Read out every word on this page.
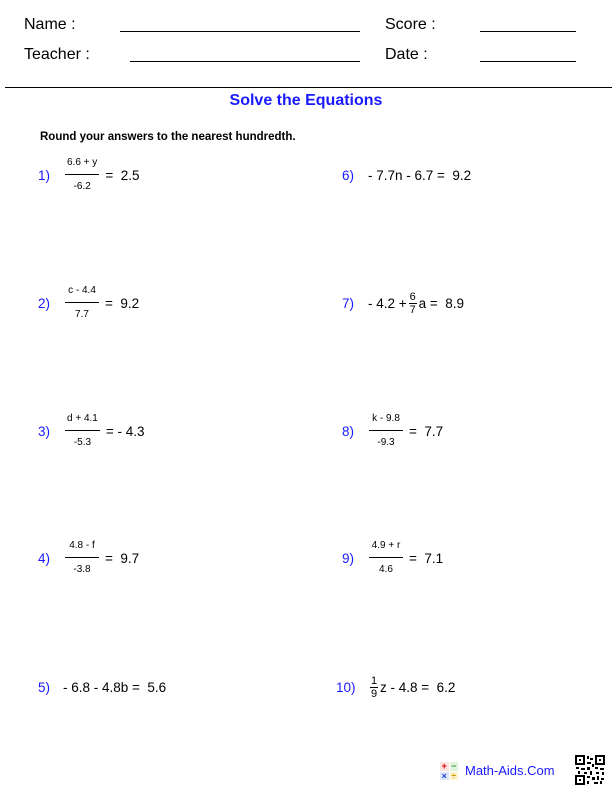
Name :
Teacher :
Score :
Date :
Solve the Equations
Round your answers to the nearest hundredth.
1)	$\frac{6.6 + y}{-6.2} = 2.5$
2)	$\frac{c - 4.4}{7.7} = 9.2$
3)	$\frac{d + 4.1}{-5.3}$ = - 4.3
4)	$\frac{4.8 - f}{-3.8} = 9.7$
5) - 6.8 - 4.8b =  5.6
6)	- 7.7n - 6.7 =  9.2
7)	- 4.2 + 6
7 a =  8.9
8)	$\frac{k - 9.8}{-9.3} = 7.7$
9)	$\frac{4.9 + r}{4.6} = 7.1$
10)	1
9 z - 4.8 =  6.2
+ −
× ÷ Math-Aids.Com
